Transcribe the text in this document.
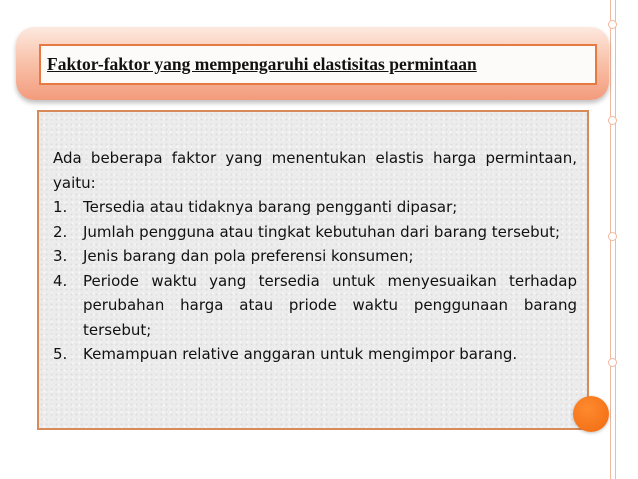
Faktor-faktor yang mempengaruhi elastisitas permintaan

Ada beberapa faktor yang menentukan elastis harga permintaan, yaitu:

1.	Tersedia atau tidaknya barang pengganti dipasar;
2.	Jumlah pengguna atau tingkat kebutuhan dari barang tersebut;
3.	Jenis barang dan pola preferensi konsumen;
4.	Periode waktu yang tersedia untuk menyesuaikan terhadap perubahan harga atau priode waktu penggunaan barang tersebut;
5.	Kemampuan relative anggaran untuk mengimpor barang.
